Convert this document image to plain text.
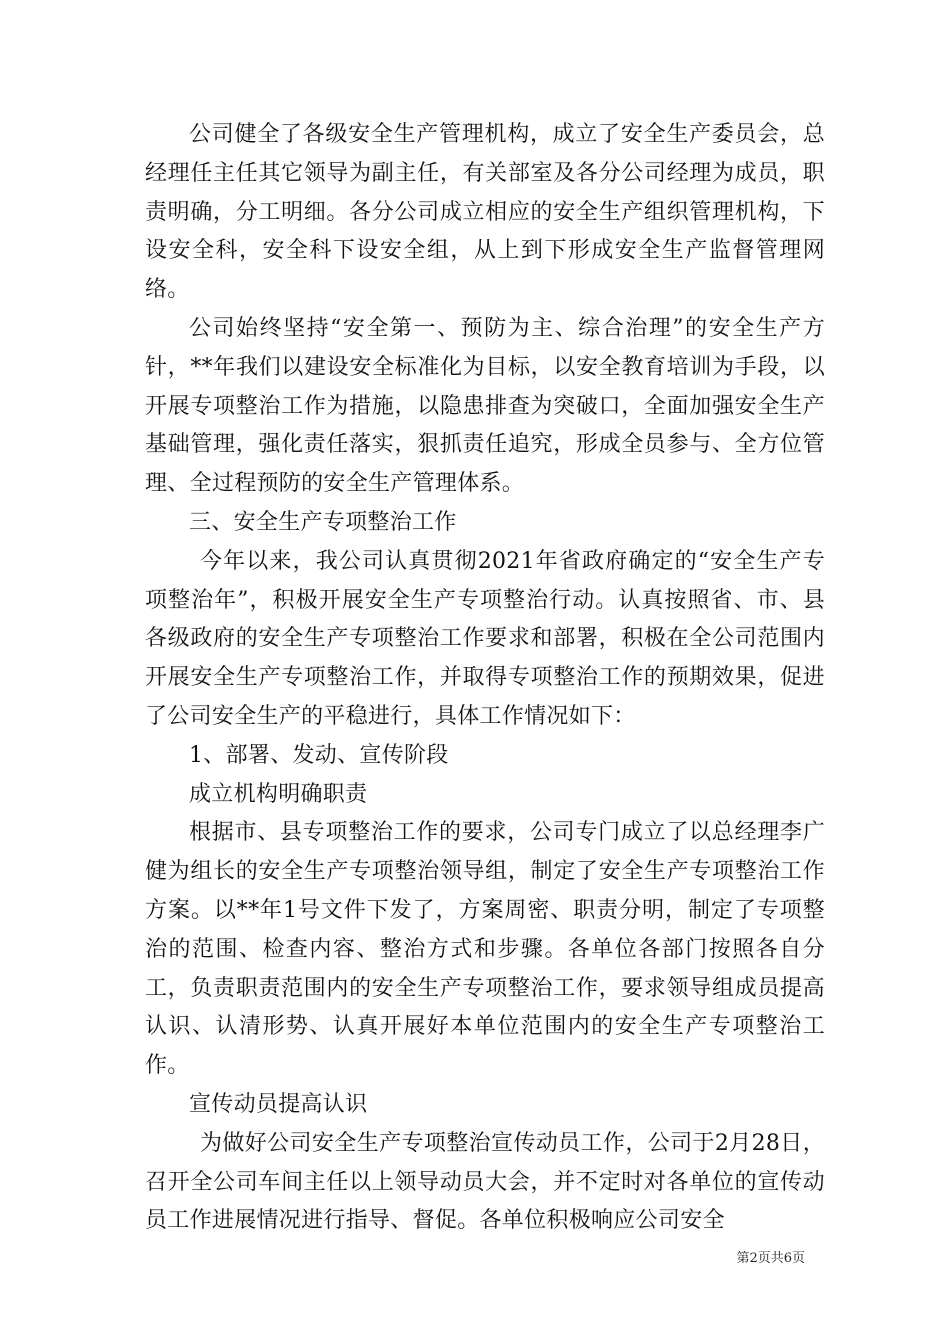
公司健全了各级安全生产管理机构，成立了安全生产委员会，总经理任主任其它领导为副主任，有关部室及各分公司经理为成员，职责明确，分工明细。各分公司成立相应的安全生产组织管理机构，下设安全科，安全科下设安全组，从上到下形成安全生产监督管理网络。

公司始终坚持“安全第一、预防为主、综合治理”的安全生产方针，**年我们以建设安全标准化为目标，以安全教育培训为手段，以开展专项整治工作为措施，以隐患排查为突破口，全面加强安全生产基础管理，强化责任落实，狠抓责任追究，形成全员参与、全方位管理、全过程预防的安全生产管理体系。

三、安全生产专项整治工作

今年以来，我公司认真贯彻2021年省政府确定的“安全生产专项整治年”，积极开展安全生产专项整治行动。认真按照省、市、县各级政府的安全生产专项整治工作要求和部署，积极在全公司范围内开展安全生产专项整治工作，并取得专项整治工作的预期效果，促进了公司安全生产的平稳进行，具体工作情况如下：

1、部署、发动、宣传阶段

成立机构明确职责

根据市、县专项整治工作的要求，公司专门成立了以总经理李广健为组长的安全生产专项整治领导组，制定了安全生产专项整治工作方案。以**年1号文件下发了，方案周密、职责分明，制定了专项整治的范围、检查内容、整治方式和步骤。各单位各部门按照各自分工，负责职责范围内的安全生产专项整治工作，要求领导组成员提高认识、认清形势、认真开展好本单位范围内的安全生产专项整治工作。

宣传动员提高认识

为做好公司安全生产专项整治宣传动员工作，公司于2月28日，召开全公司车间主任以上领导动员大会，并不定时对各单位的宣传动员工作进展情况进行指导、督促。各单位积极响应公司安全

第2页共6页
